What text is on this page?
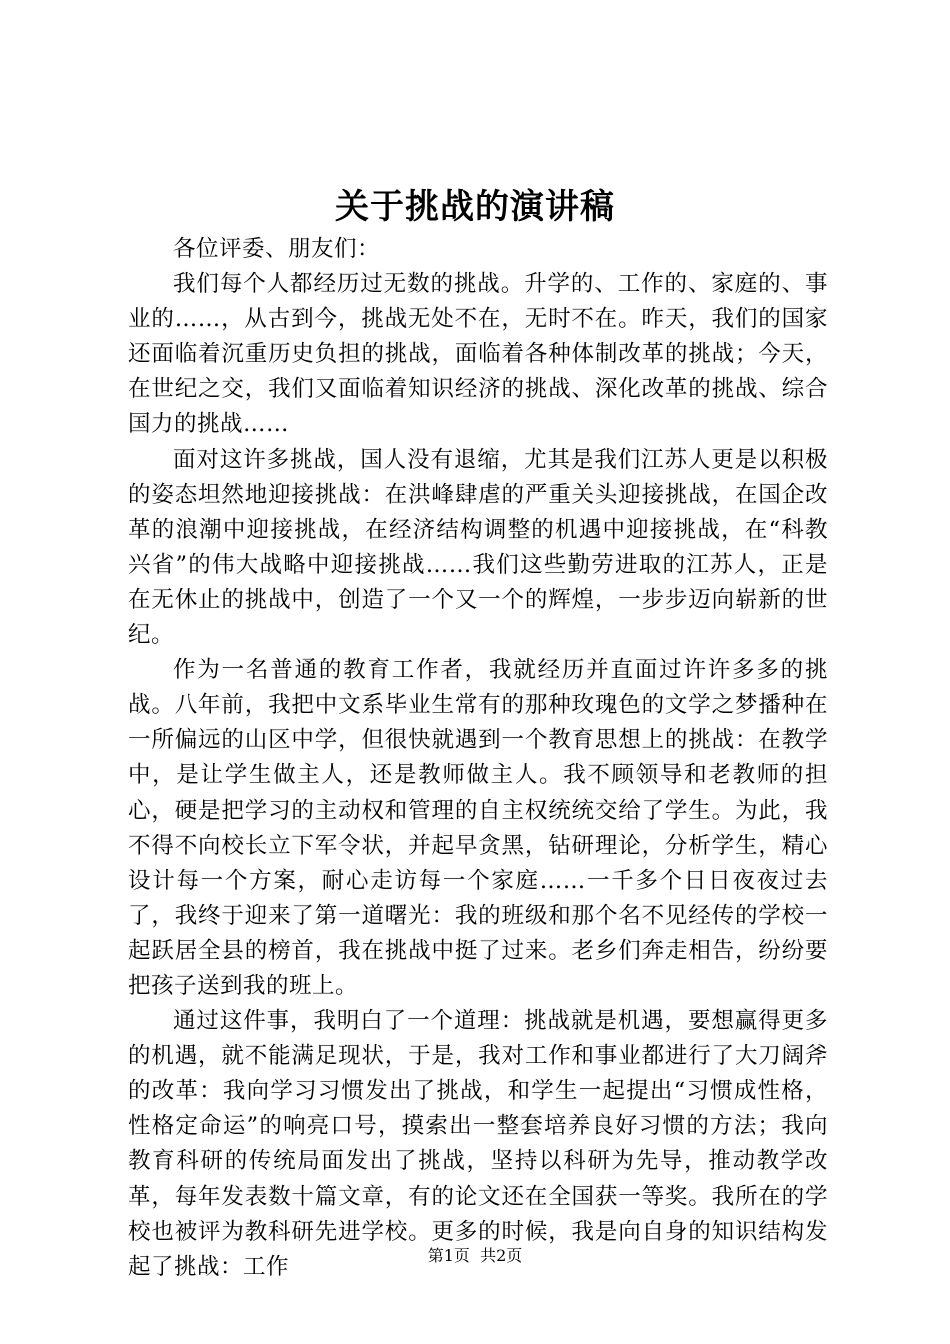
关于挑战的演讲稿

各位评委、朋友们：

我们每个人都经历过无数的挑战。升学的、工作的、家庭的、事业的……，从古到今，挑战无处不在，无时不在。昨天，我们的国家还面临着沉重历史负担的挑战，面临着各种体制改革的挑战；今天，在世纪之交，我们又面临着知识经济的挑战、深化改革的挑战、综合国力的挑战……

面对这许多挑战，国人没有退缩，尤其是我们江苏人更是以积极的姿态坦然地迎接挑战：在洪峰肆虐的严重关头迎接挑战，在国企改革的浪潮中迎接挑战，在经济结构调整的机遇中迎接挑战，在“科教兴省”的伟大战略中迎接挑战……我们这些勤劳进取的江苏人，正是在无休止的挑战中，创造了一个又一个的辉煌，一步步迈向崭新的世纪。

作为一名普通的教育工作者，我就经历并直面过许许多多的挑战。八年前，我把中文系毕业生常有的那种玫瑰色的文学之梦播种在一所偏远的山区中学，但很快就遇到一个教育思想上的挑战：在教学中，是让学生做主人，还是教师做主人。我不顾领导和老教师的担心，硬是把学习的主动权和管理的自主权统统交给了学生。为此，我不得不向校长立下军令状，并起早贪黑，钻研理论，分析学生，精心设计每一个方案，耐心走访每一个家庭……一千多个日日夜夜过去了，我终于迎来了第一道曙光：我的班级和那个名不见经传的学校一起跃居全县的榜首，我在挑战中挺了过来。老乡们奔走相告，纷纷要把孩子送到我的班上。

通过这件事，我明白了一个道理：挑战就是机遇，要想赢得更多的机遇，就不能满足现状，于是，我对工作和事业都进行了大刀阔斧的改革：我向学习习惯发出了挑战，和学生一起提出“习惯成性格，性格定命运”的响亮口号，摸索出一整套培养良好习惯的方法；我向教育科研的传统局面发出了挑战，坚持以科研为先导，推动教学改革，每年发表数十篇文章，有的论文还在全国获一等奖。我所在的学校也被评为教科研先进学校。更多的时候，我是向自身的知识结构发起了挑战：工作	第1页 共2页
